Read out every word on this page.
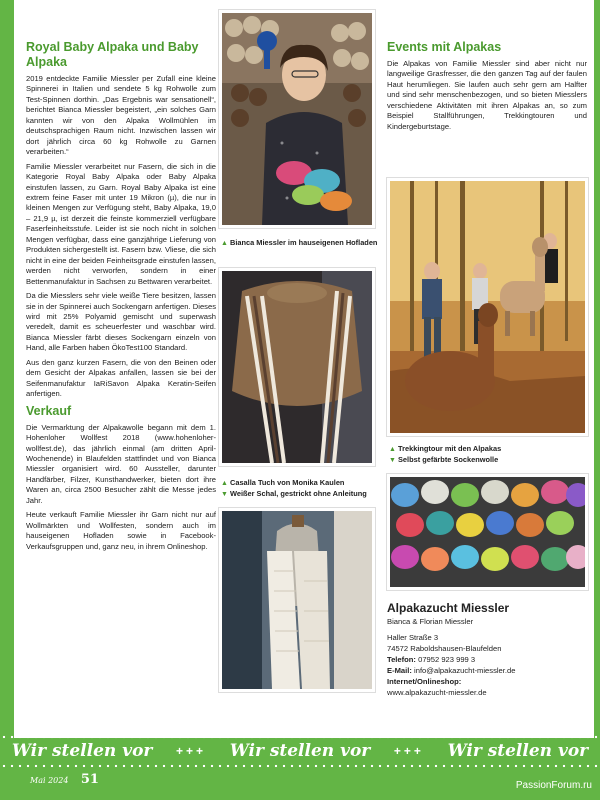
Royal Baby Alpaka und Baby Alpaka

2019 entdeckte Familie Miessler per Zufall eine kleine Spinnerei in Italien und sendete 5 kg Rohwolle zum Test-Spinnen dorthin. „Das Ergebnis war sensationell“, berichtet Bianca Miessler begeistert, „ein solches Garn kannten wir von den Alpaka Wollmühlen im deutschsprachigen Raum nicht. Inzwischen lassen wir dort jährlich circa 60 kg Rohwolle zu Garnen verarbeiten.“

Familie Miessler verarbeitet nur Fasern, die sich in die Kategorie Royal Baby Alpaka oder Baby Alpaka einstufen lassen, zu Garn. Royal Baby Alpaka ist eine extrem feine Faser mit unter 19 Mikron (µ), die nur in kleinen Mengen zur Verfügung steht, Baby Alpaka, 19,0 – 21,9 µ, ist derzeit die feinste kommerziell verfügbare Faserfeinheitsstufe. Leider ist sie noch nicht in solchen Mengen verfügbar, dass eine ganzjährige Lieferung von Produkten sichergestellt ist. Fasern bzw. Vliese, die sich nicht in eine der beiden Feinheitsgrade einstufen lassen, werden nicht verworfen, sondern in einer Bettenmanufaktur in Sachsen zu Bettwaren verarbeitet.

Da die Miesslers sehr viele weiße Tiere besitzen, lassen sie in der Spinnerei auch Sockengarn anfertigen. Dieses wird mit 25% Polyamid gemischt und superwash veredelt, damit es scheuerfester und waschbar wird. Bianca Miessler färbt dieses Sockengarn einzeln von Hand, alle Farben haben ÖkoTest100 Standard.

Aus den ganz kurzen Fasern, die von den Beinen oder dem Gesicht der Alpakas anfallen, lassen sie bei der Seifenmanufaktur IaRiSavon Alpaka Keratin-Seifen anfertigen.

Verkauf

Die Vermarktung der Alpakawolle begann mit dem 1. Hohenloher Wollfest 2018 (www.hohenloher-wollfest.de), das jährlich einmal (am dritten April-Wochenende) in Blaufelden stattfindet und von Bianca Miessler organisiert wird. 60 Aussteller, darunter Handfärber, Filzer, Kunsthandwerker, bieten dort ihre Waren an, circa 2500 Besucher zählt die Messe jedes Jahr.

Heute verkauft Familie Miessler ihr Garn nicht nur auf Wollmärkten und Wollfesten, sondern auch im hauseigenen Hofladen sowie in Facebook-Verkaufsgruppen und, ganz neu, in ihrem Onlineshop.

▲ Bianca Miessler im hauseigenen Hofladen
▲ Casalla Tuch von Monika Kaulen
▼ Weißer Schal, gestrickt ohne Anleitung
Events mit Alpakas

Die Alpakas von Familie Miessler sind aber nicht nur langweilige Grasfresser, die den ganzen Tag auf der faulen Haut herumliegen. Sie laufen auch sehr gern am Halfter und sind sehr menschenbezogen, und so bieten Miesslers verschiedene Aktivitäten mit ihren Alpakas an, so zum Beispiel Stallführungen, Trekkingtouren und Kindergeburtstage.

▲ Trekkingtour mit den Alpakas
▼ Selbst gefärbte Sockenwolle
Alpakazucht Miessler
Bianca & Florian Miessler
Haller Straße 3
74572 Raboldshausen-Blaufelden
Telefon: 07952 923 999 3
E-Mail: info@alpakazucht-miessler.de
Internet/Onlineshop:
www.alpakazucht-miessler.de
Wir stellen vor +++ Wir stellen vor +++ Wir stellen vor
Mai 2024 51	PassionForum.ru
